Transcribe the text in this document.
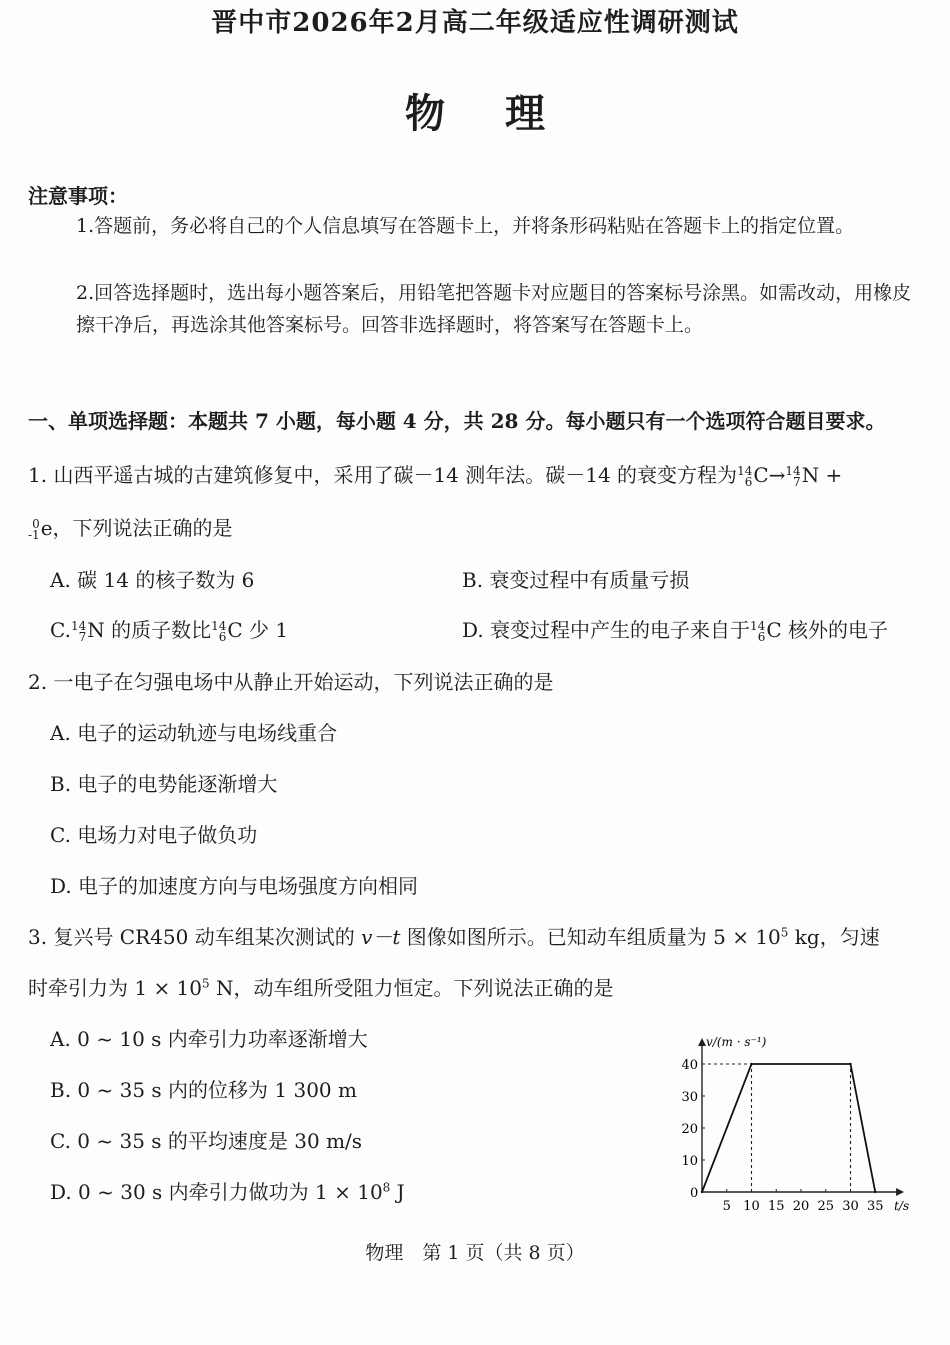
晋中市2026年2月高二年级适应性调研测试
物 理
注意事项：
1.答题前，务必将自己的个人信息填写在答题卡上，并将条形码粘贴在答题卡上的指定位置。
2.回答选择题时，选出每小题答案后，用铅笔把答题卡对应题目的答案标号涂黑。如需改动，用橡皮擦干净后，再选涂其他答案标号。回答非选择题时，将答案写在答题卡上。
一、单项选择题：本题共 7 小题，每小题 4 分，共 28 分。每小题只有一个选项符合题目要求。
1. 山西平遥古城的古建筑修复中，采用了碳－14 测年法。碳－14 的衰变方程为 14
6 C→ 14
7 N +
0
-1 e，下列说法正确的是
A. 碳 14 的核子数为 6	B. 衰变过程中有质量亏损
C. 14
7 N 的质子数比 14
6 C 少 1	D. 衰变过程中产生的电子来自于 14
6 C 核外的电子
2. 一电子在匀强电场中从静止开始运动，下列说法正确的是
A. 电子的运动轨迹与电场线重合
B. 电子的电势能逐渐增大
C. 电场力对电子做负功
D. 电子的加速度方向与电场强度方向相同
3. 复兴号 CR450 动车组某次测试的 v－t 图像如图所示。已知动车组质量为 $5 \times 10^5$ kg，匀速
时牵引力为 $1 \times 10^5$ N，动车组所受阻力恒定。下列说法正确的是
A. 0 ~ 10 s 内牵引力功率逐渐增大
B. 0 ~ 35 s 内的位移为 1 300 m
C. 0 ~ 35 s 的平均速度是 30 m/s
D. 0 ~ 30 s 内牵引力做功为 $1 \times 10^8$ J
v/(m · s⁻¹)
t/s
0
5 10 15 20 25 30 35
10
20
30
40
物理　第 1 页（共 8 页）
